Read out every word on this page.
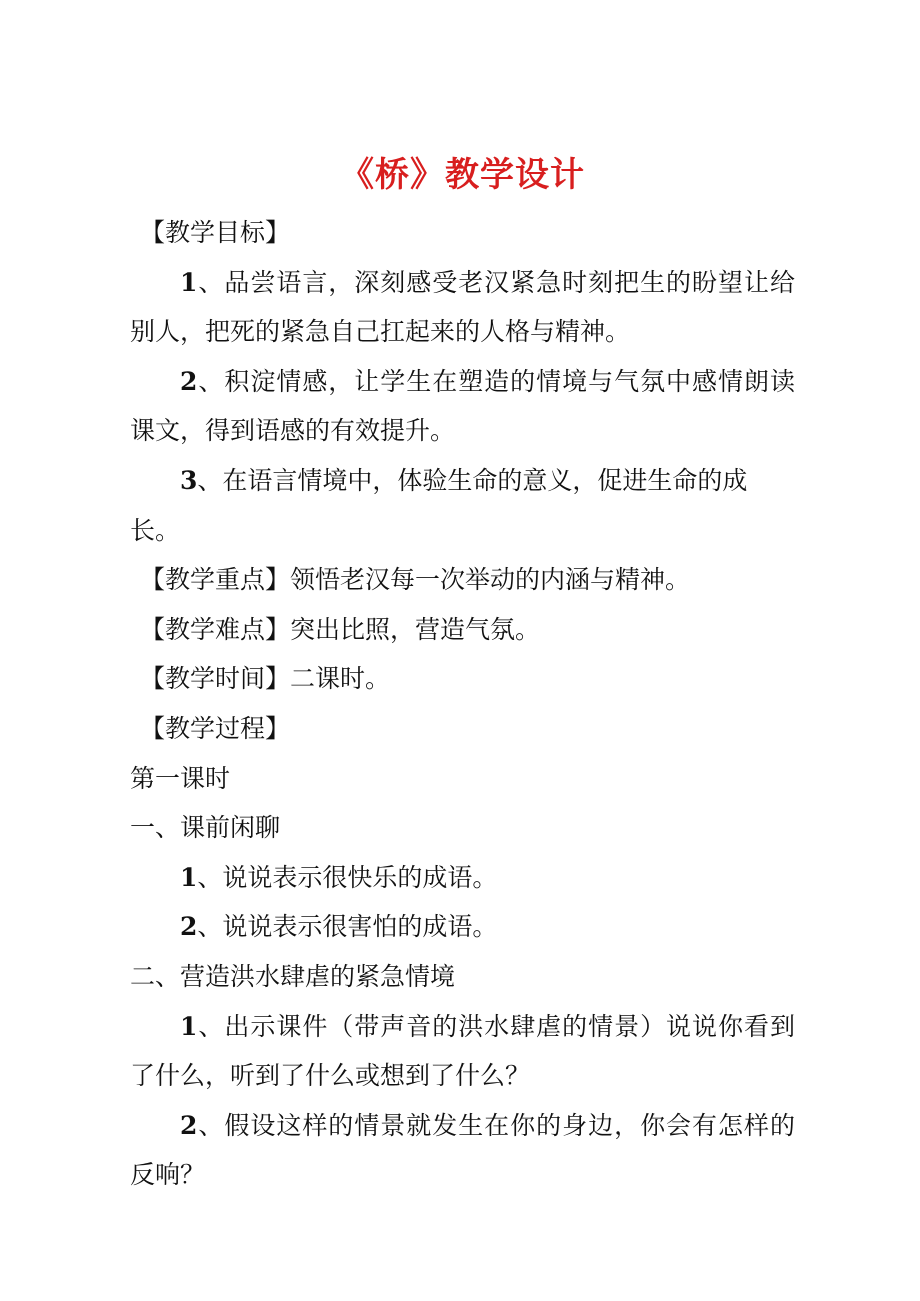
《桥》教学设计

【教学目标】

1、品尝语言，深刻感受老汉紧急时刻把生的盼望让给别人，把死的紧急自己扛起来的人格与精神。

2、积淀情感，让学生在塑造的情境与气氛中感情朗读课文，得到语感的有效提升。

3、在语言情境中，体验生命的意义，促进生命的成长。

【教学重点】领悟老汉每一次举动的内涵与精神。

【教学难点】突出比照，营造气氛。

【教学时间】二课时。

【教学过程】

第一课时

一、课前闲聊

1、说说表示很快乐的成语。

2、说说表示很害怕的成语。

二、营造洪水肆虐的紧急情境

1、出示课件（带声音的洪水肆虐的情景）说说你看到了什么，听到了什么或想到了什么？

2、假设这样的情景就发生在你的身边，你会有怎样的反响？
